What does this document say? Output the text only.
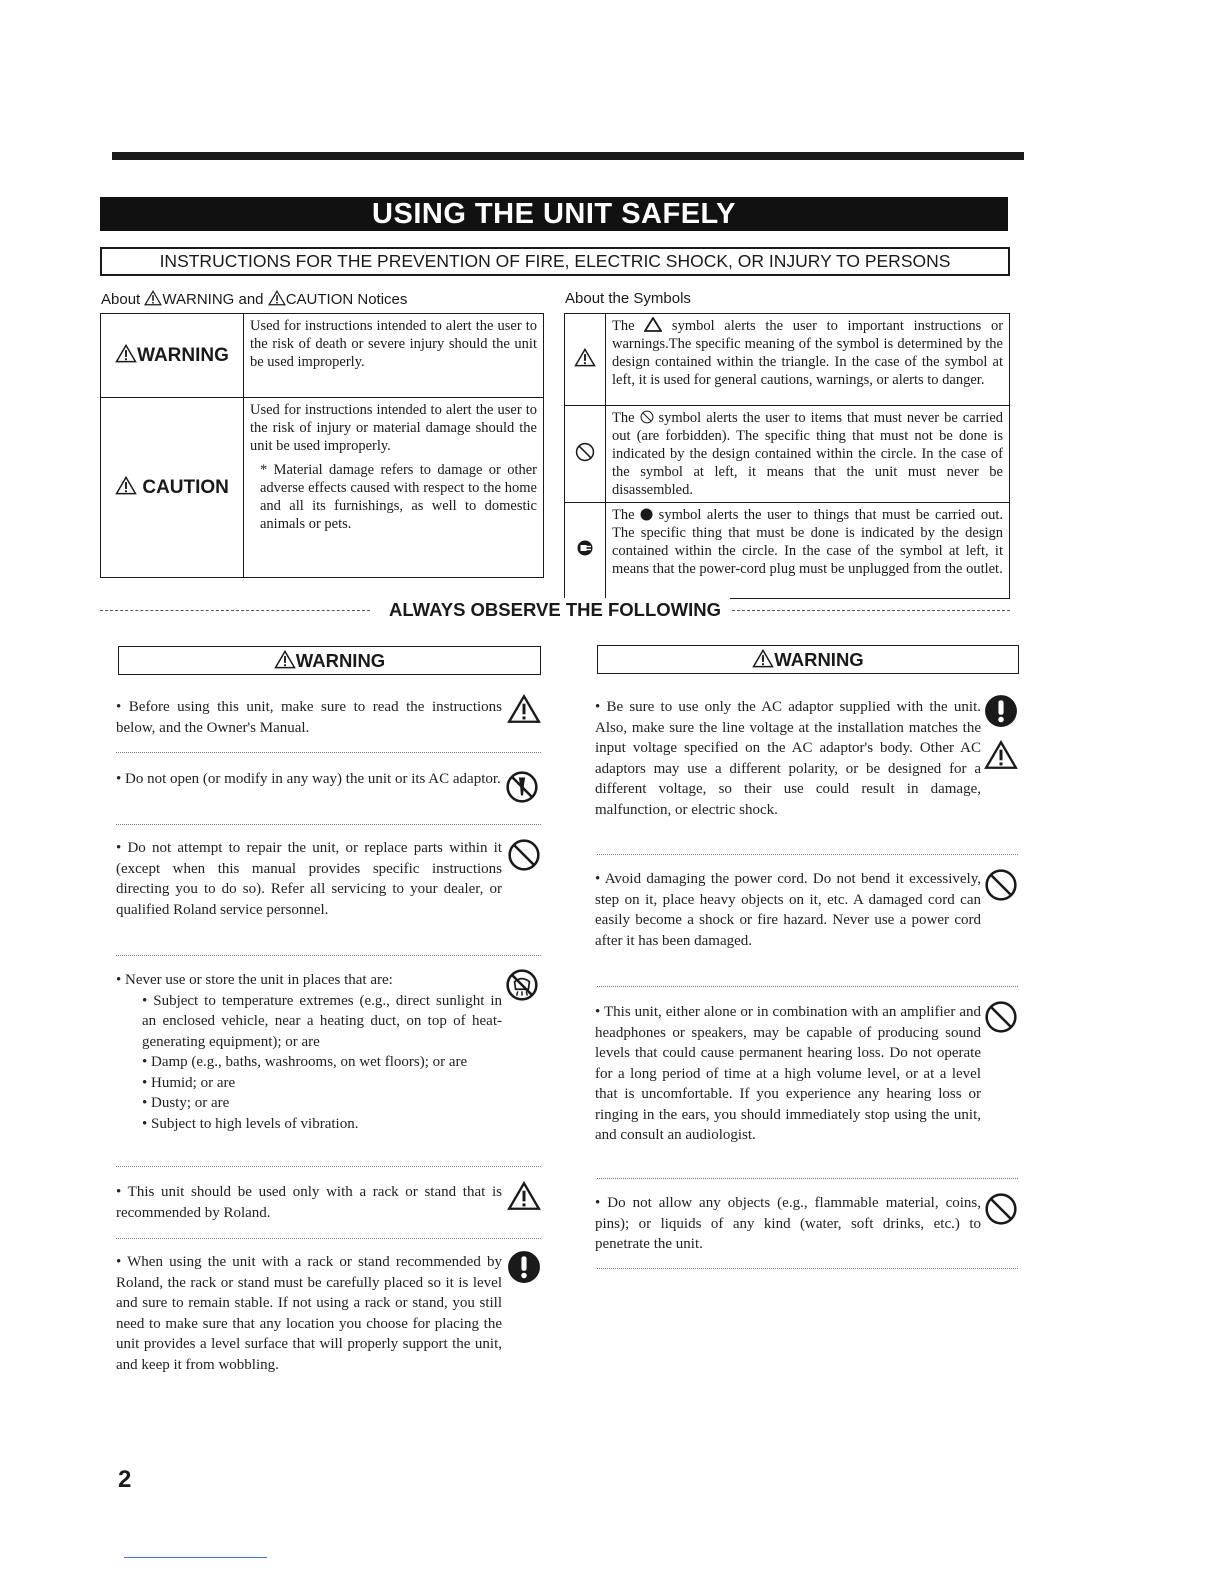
USING THE UNIT SAFELY
INSTRUCTIONS FOR THE PREVENTION OF FIRE, ELECTRIC SHOCK, OR INJURY TO PERSONS
About WARNING and CAUTION Notices	About the Symbols
WARNING	Used for instructions intended to alert the user to the risk of death or severe injury should the unit be used improperly.
CAUTION	Used for instructions intended to alert the user to the risk of injury or material damage should the unit be used improperly.
* Material damage refers to damage or other adverse effects caused with respect to the home and all its furnishings, as well to domestic animals or pets.
	The symbol alerts the user to important instructions or warnings.The specific meaning of the symbol is determined by the design contained within the triangle. In the case of the symbol at left, it is used for general cautions, warnings, or alerts to danger.
	The symbol alerts the user to items that must never be carried out (are forbidden). The specific thing that must not be done is indicated by the design contained within the circle. In the case of the symbol at left, it means that the unit must never be disassembled.
	The symbol alerts the user to things that must be carried out. The specific thing that must be done is indicated by the design contained within the circle. In the case of the symbol at left, it means that the power-cord plug must be unplugged from the outlet.
ALWAYS OBSERVE THE FOLLOWING
WARNING
• Before using this unit, make sure to read the instructions below, and the Owner's Manual.
• Do not open (or modify in any way) the unit or its AC adaptor.
• Do not attempt to repair the unit, or replace parts within it (except when this manual provides specific instructions directing you to do so). Refer all servicing to your dealer, or qualified Roland service personnel.

• Never use or store the unit in places that are:

• Subject to temperature extremes (e.g., direct sunlight in an enclosed vehicle, near a heating duct, on top of heat-generating equipment); or are

• Damp (e.g., baths, washrooms, on wet floors); or are

• Humid; or are

• Dusty; or are

• Subject to high levels of vibration.

• This unit should be used only with a rack or stand that is recommended by Roland.
• When using the unit with a rack or stand recommended by Roland, the rack or stand must be carefully placed so it is level and sure to remain stable. If not using a rack or stand, you still need to make sure that any location you choose for placing the unit provides a level surface that will properly support the unit, and keep it from wobbling.
WARNING
• Be sure to use only the AC adaptor supplied with the unit. Also, make sure the line voltage at the installation matches the input voltage specified on the AC adaptor's body. Other AC adaptors may use a different polarity, or be designed for a different voltage, so their use could result in damage, malfunction, or electric shock.
• Avoid damaging the power cord. Do not bend it excessively, step on it, place heavy objects on it, etc. A damaged cord can easily become a shock or fire hazard. Never use a power cord after it has been damaged.
• This unit, either alone or in combination with an amplifier and headphones or speakers, may be capable of producing sound levels that could cause permanent hearing loss. Do not operate for a long period of time at a high volume level, or at a level that is uncomfortable. If you experience any hearing loss or ringing in the ears, you should immediately stop using the unit, and consult an audiologist.
• Do not allow any objects (e.g., flammable material, coins, pins); or liquids of any kind (water, soft drinks, etc.) to penetrate the unit.
2
